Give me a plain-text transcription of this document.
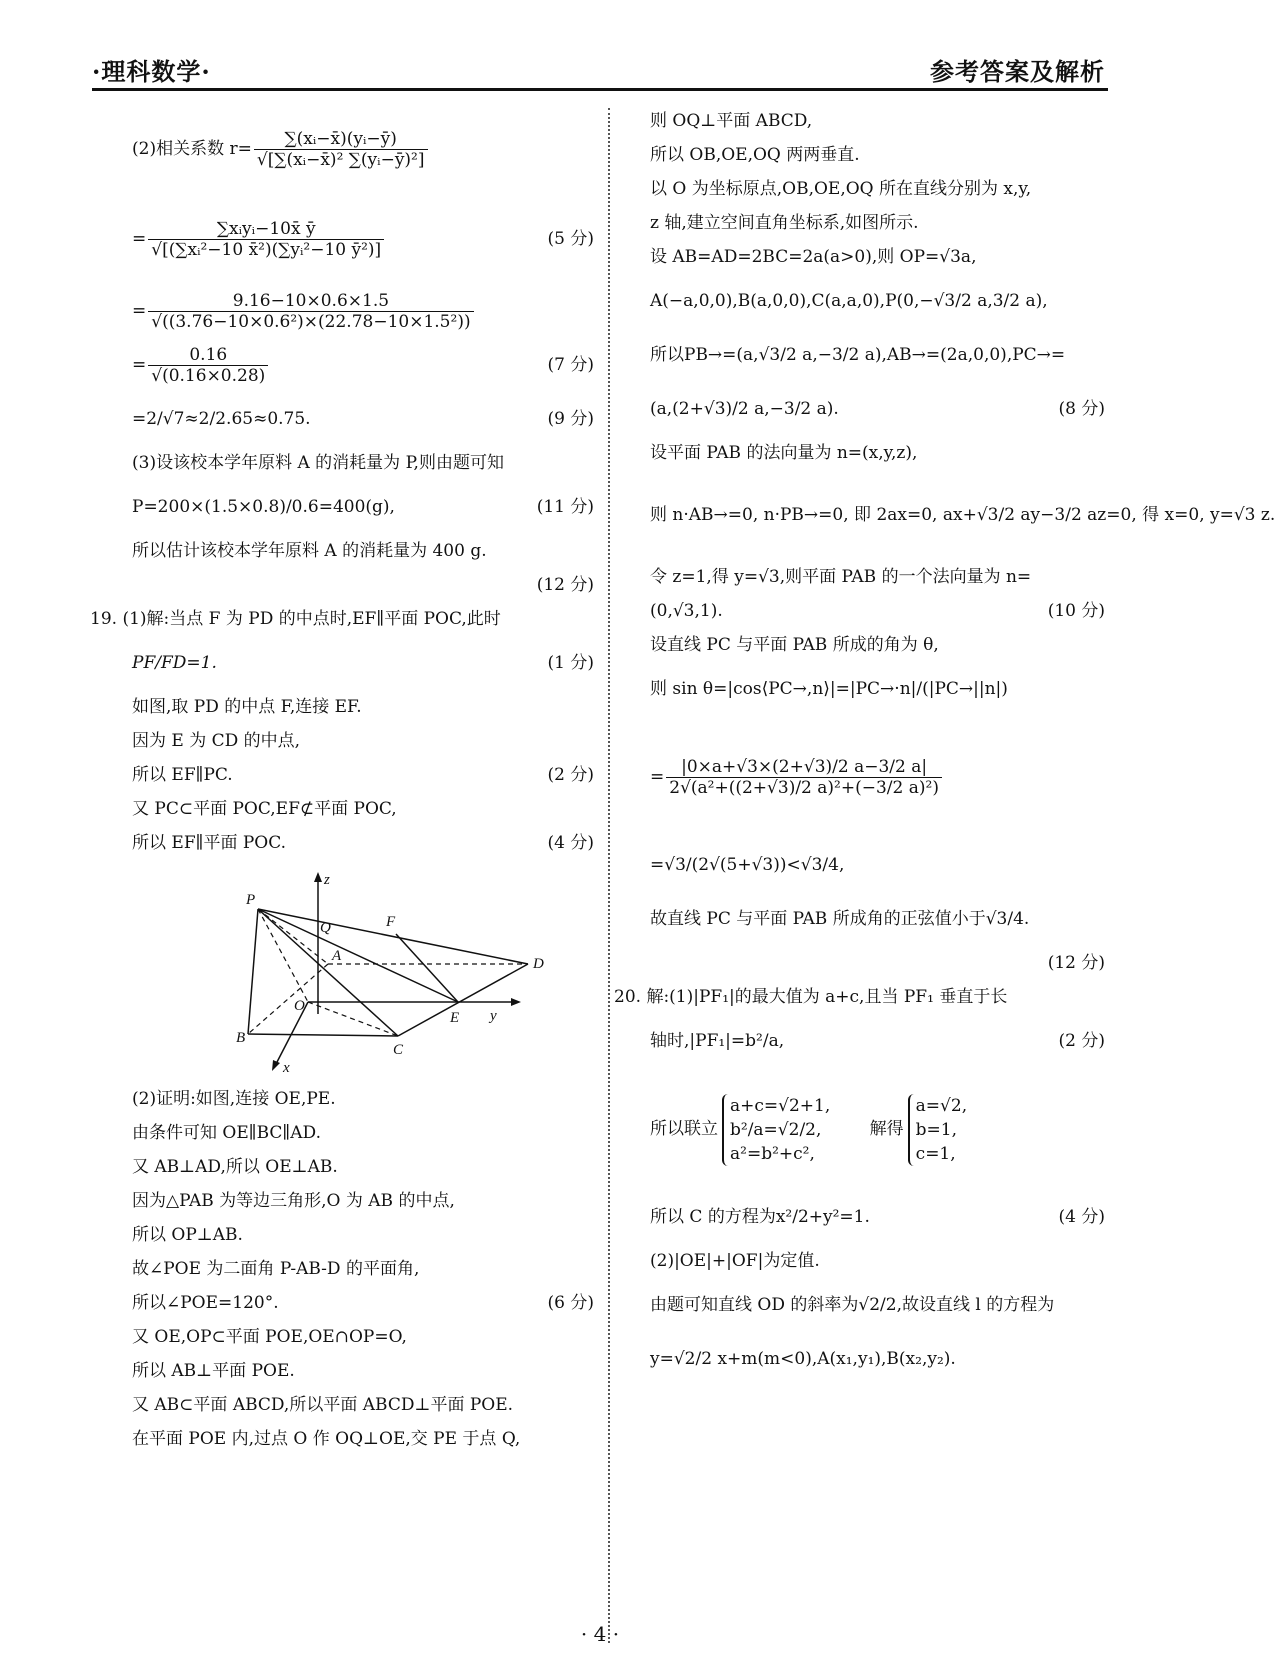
·理科数学·	参考答案及解析
(2)相关系数 $r= \frac{\text{∑(xᵢ−x̄)(yᵢ−ȳ)}}{\text{√[∑(xᵢ−x̄)² ∑(yᵢ−ȳ)²]}}$
= $\frac{\text{∑xᵢyᵢ−10x̄ ȳ}}{\text{√[(∑xᵢ²−10 x̄²)(∑yᵢ²−10 ȳ²)]}}$	(5 分)
= $\frac{9.16-10\times 0.6\times 1.5}{\text{√((3.76−10×0.6²)×(22.78−10×1.5²))}}$
= $\frac{0.16}{√(0.16\times 0.28)}$	(7 分)
=2/√7≈2/2.65≈0.75.	(9 分)
(3)设该校本学年原料 A 的消耗量为 P,则由题可知
P=200×(1.5×0.8)/0.6=400(g),	(11 分)
所以估计该校本学年原料 A 的消耗量为 400 g.
(12 分)
19. (1)解:当点 F 为 PD 的中点时,EF∥平面 POC,此时
PF/FD=1.	(1 分)
如图,取 PD 的中点 F,连接 EF.
因为 E 为 CD 的中点,
所以 EF∥PC.	(2 分)
又 PC⊂平面 POC,EF⊄平面 POC,
所以 EF∥平面 POC.	(4 分)
P
Q
A
F
D
O
E
B
C
x
y
z
(2)证明:如图,连接 OE,PE.
由条件可知 OE∥BC∥AD.
又 AB⊥AD,所以 OE⊥AB.
因为△PAB 为等边三角形,O 为 AB 的中点,
所以 OP⊥AB.
故∠POE 为二面角 P-AB-D 的平面角,
所以∠POE=120°.	(6 分)
又 OE,OP⊂平面 POE,OE∩OP=O,
所以 AB⊥平面 POE.
又 AB⊂平面 ABCD,所以平面 ABCD⊥平面 POE.
在平面 POE 内,过点 O 作 OQ⊥OE,交 PE 于点 Q,
则 OQ⊥平面 ABCD,
所以 OB,OE,OQ 两两垂直.
以 O 为坐标原点,OB,OE,OQ 所在直线分别为 x,y,
z 轴,建立空间直角坐标系,如图所示.
设 AB=AD=2BC=2a(a>0),则 OP=√3a,
A(−a,0,0),B(a,0,0),C(a,a,0),P(0,−√3/2 a,3/2 a),
所以PB→=(a,√3/2 a,−3/2 a),AB→=(2a,0,0),PC→=
(a,(2+√3)/2 a,−3/2 a).	(8 分)
设平面 PAB 的法向量为 n=(x,y,z),
则 n·AB→=0, n·PB→=0, 即 2ax=0, ax+√3/2 ay−3/2 az=0, 得 x=0, y=√3 z.
令 z=1,得 y=√3,则平面 PAB 的一个法向量为 n=
(0,√3,1).	(10 分)
设直线 PC 与平面 PAB 所成的角为 θ,
则 sin θ=|cos⟨PC→,n⟩|=|PC→·n|/(|PC→||n|)
= $\frac{|0\times a+√3\times(2+√3)/2 a-3/2 a|}{\text{2√(a²+((2+√3)/2 a)²+(−3/2 a)²)}}$
=√3/(2√(5+√3))<√3/4,
故直线 PC 与平面 PAB 所成角的正弦值小于√3/4.
(12 分)
20. 解:(1)|PF₁|的最大值为 a+c,且当 PF₁ 垂直于长
轴时,|PF₁|=b²/a,	(2 分)
所以联立
a+c=√2+1,
b²/a=√2/2,
a²=b²+c²,
解得
a=√2,
b=1,
c=1,
所以 C 的方程为x²/2+y²=1.	(4 分)
(2)|OE|+|OF|为定值.
由题可知直线 OD 的斜率为√2/2,故设直线 l 的方程为
y=√2/2 x+m(m<0),A(x₁,y₁),B(x₂,y₂).
· 4 ·
